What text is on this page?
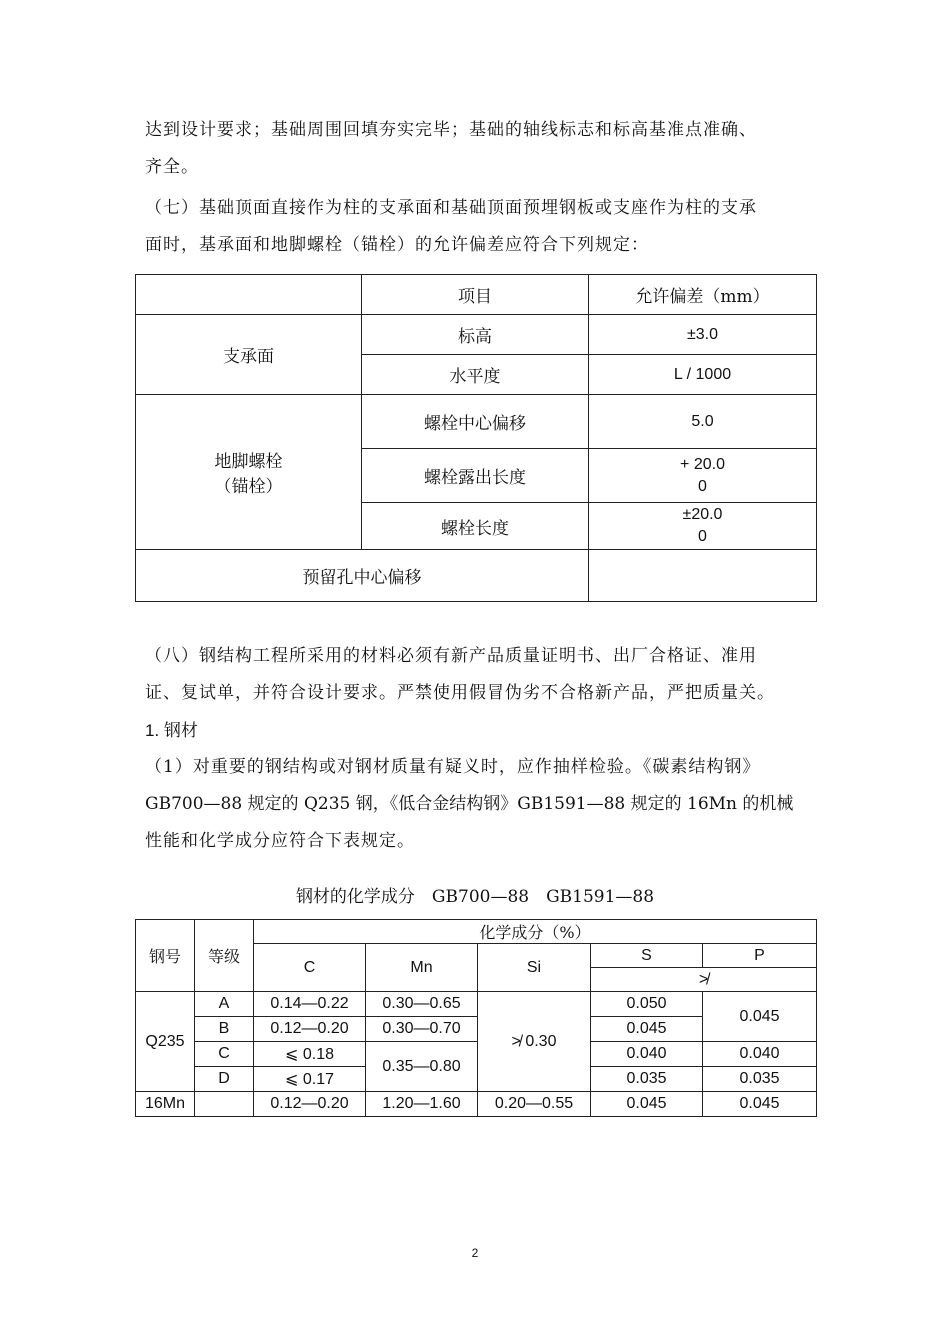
达到设计要求；基础周围回填夯实完毕；基础的轴线标志和标高基准点准确、
齐全。
（七）基础顶面直接作为柱的支承面和基础顶面预埋钢板或支座作为柱的支承
面时，基承面和地脚螺栓（锚栓）的允许偏差应符合下列规定：
	项目	允许偏差（mm）
支承面	标高	±3.0
	水平度	L / 1000

地脚螺栓
（锚栓）	螺栓中心偏移	5.0
	螺栓露出长度	+ 20.0
0

	螺栓长度	±20.0
0

预留孔中心偏移		
（八）钢结构工程所采用的材料必须有新产品质量证明书、出厂合格证、准用
证、复试单，并符合设计要求。严禁使用假冒伪劣不合格新产品，严把质量关。
1. 钢材
（1）对重要的钢结构或对钢材质量有疑义时，应作抽样检验。《碳素结构钢》
GB700—88 规定的 Q235 钢，《低合金结构钢》GB1591—88 规定的 16Mn 的机械
性能和化学成分应符合下表规定。
钢材的化学成分　GB700—88　GB1591—88
钢号	等级	化学成分（%）				
		C	Mn	Si	S	P
					≯	
Q235	A	0.14—0.22	0.30—0.65	≯ 0.30	0.050	0.045
	B	0.12—0.20	0.30—0.70		0.045	
	C	⩽ 0.18	0.35—0.80		0.040	0.040
	D	⩽ 0.17			0.035	0.035
16Mn		0.12—0.20	1.20—1.60	0.20—0.55	0.045	0.045
2
